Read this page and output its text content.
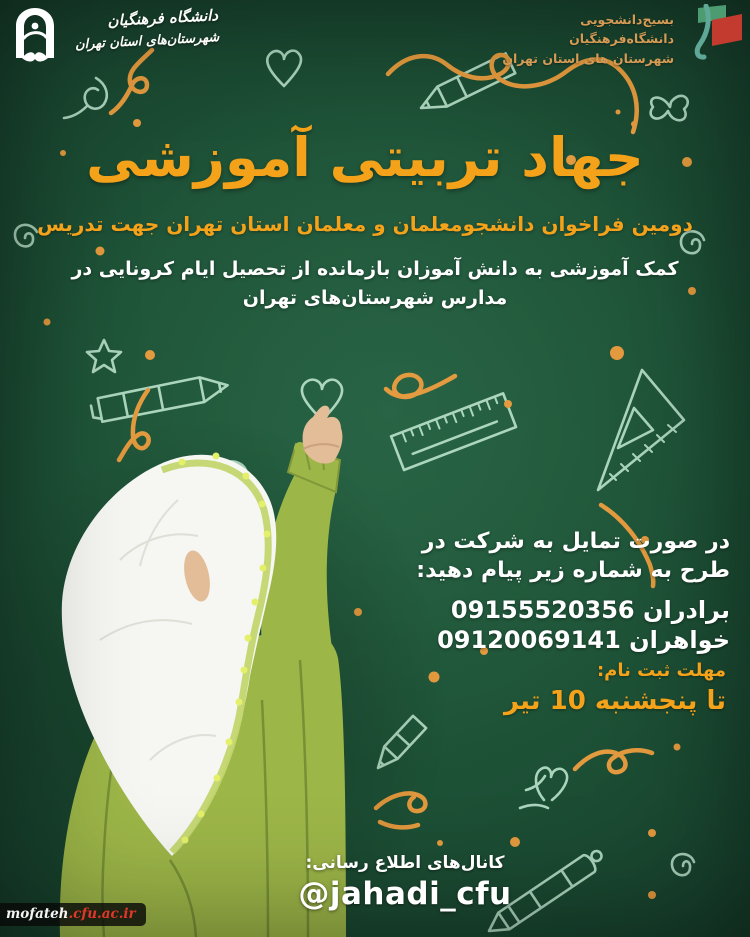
دانشگاه فرهنگیان
شهرستان‌های استان تهران
بسیج‌دانشجویی
دانشگاه‌فرهنگیان
شهرستان های استان تهران
جهاد تربیتی آموزشی
دومین فراخوان دانشجومعلمان و معلمان استان تهران جهت تدریس
کمک آموزشی به دانش آموزان بازمانده از تحصیل ایام کرونایی در
مدارس شهرستان‌های تهران
در صورت تمایل به شرکت در
طرح به شماره زیر پیام دهید:
برادران 09155520356
خواهران 09120069141
مهلت ثبت نام:
تا پنجشنبه 10 تیر
کانال‌های اطلاع رسانی:
@jahadi_cfu
mofateh.cfu.ac.ir
